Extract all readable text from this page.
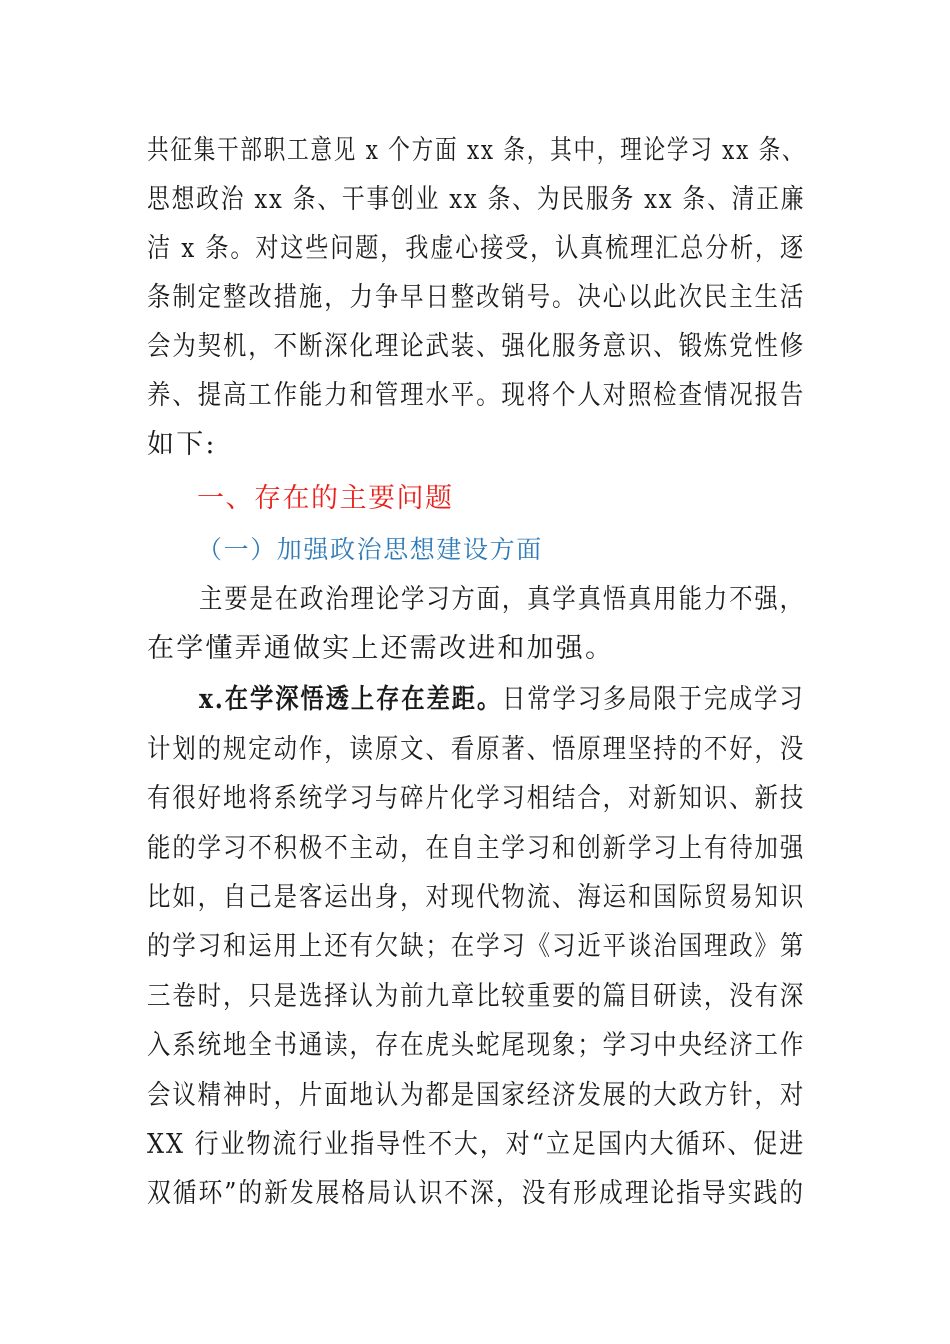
共征集干部职工意见 x 个方面 xx 条，其中，理论学习 xx 条、
思想政治 xx 条、干事创业 xx 条、为民服务 xx 条、清正廉
洁 x 条。对这些问题，我虚心接受，认真梳理汇总分析，逐
条制定整改措施，力争早日整改销号。决心以此次民主生活
会为契机，不断深化理论武装、强化服务意识、锻炼党性修
养、提高工作能力和管理水平。现将个人对照检查情况报告
如下:
一、存在的主要问题
（一）加强政治思想建设方面
主要是在政治理论学习方面，真学真悟真用能力不强，
在学懂弄通做实上还需改进和加强。
x.在学深悟透上存在差距。日常学习多局限于完成学习
计划的规定动作，读原文、看原著、悟原理坚持的不好，没
有很好地将系统学习与碎片化学习相结合，对新知识、新技
能的学习不积极不主动，在自主学习和创新学习上有待加强
比如，自己是客运出身，对现代物流、海运和国际贸易知识
的学习和运用上还有欠缺；在学习《习近平谈治国理政》第
三卷时，只是选择认为前九章比较重要的篇目研读，没有深
入系统地全书通读，存在虎头蛇尾现象；学习中央经济工作
会议精神时，片面地认为都是国家经济发展的大政方针，对
XX 行业物流行业指导性不大，对“立足国内大循环、促进
双循环”的新发展格局认识不深，没有形成理论指导实践的
